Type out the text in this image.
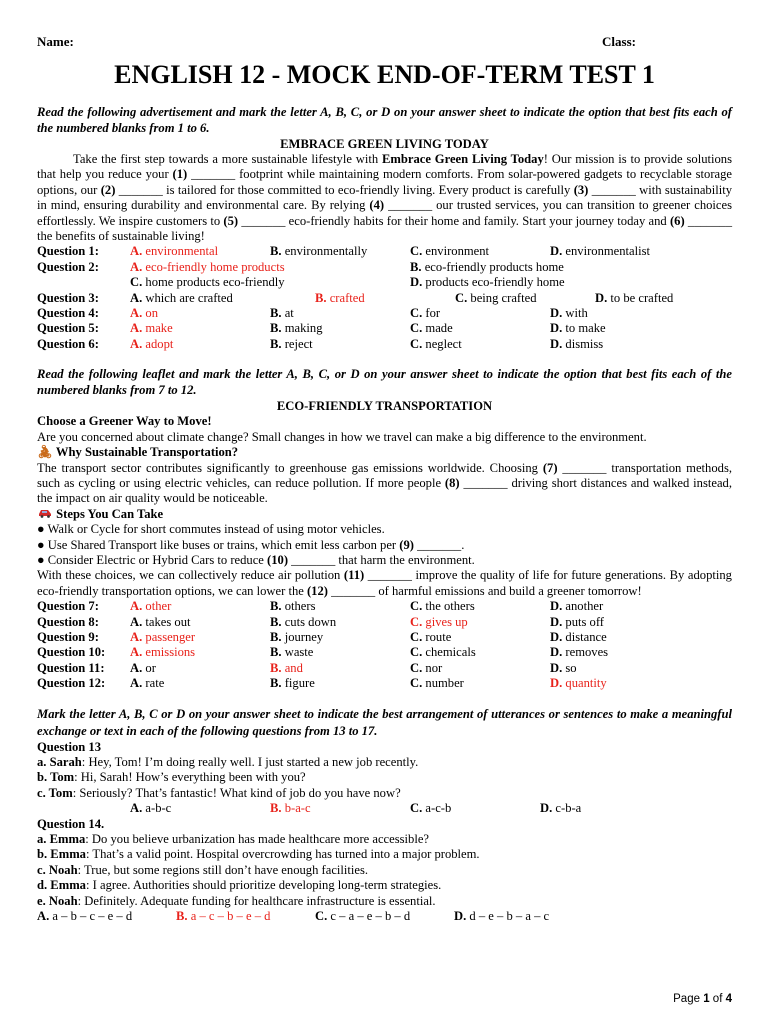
Name:	Class:
ENGLISH 12 - MOCK END-OF-TERM TEST 1
Read the following advertisement and mark the letter A, B, C, or D on your answer sheet to indicate the option that best fits each of the numbered blanks from 1 to 6.
EMBRACE GREEN LIVING TODAY
Take the first step towards a more sustainable lifestyle with Embrace Green Living Today! Our mission is to provide solutions that help you reduce your (1) _______ footprint while maintaining modern comforts. From solar-powered gadgets to recyclable storage options, our (2) _______ is tailored for those committed to eco-friendly living. Every product is carefully (3) _______ with sustainability in mind, ensuring durability and environmental care. By relying (4) _______ our trusted services, you can transition to greener choices effortlessly. We inspire customers to (5) _______ eco-friendly habits for their home and family. Start your journey today and (6) _______ the benefits of sustainable living!
Question 1:	A. environmental	B. environmentally	C. environment	D. environmentalist
Question 2:	A. eco-friendly home products	B. eco-friendly products home
C. home products eco-friendly	D. products eco-friendly home
Question 3:	A. which are crafted	B. crafted	C. being crafted	D. to be crafted
Question 4:	A. on	B. at	C. for	D. with
Question 5:	A. make	B. making	C. made	D. to make
Question 6:	A. adopt	B. reject	C. neglect	D. dismiss
Read the following leaflet and mark the letter A, B, C, or D on your answer sheet to indicate the option that best fits each of the numbered blanks from 7 to 12.
ECO-FRIENDLY TRANSPORTATION
Choose a Greener Way to Move!
Are you concerned about climate change? Small changes in how we travel can make a big difference to the environment.
🚴︎ Why Sustainable Transportation?
The transport sector contributes significantly to greenhouse gas emissions worldwide. Choosing (7) _______ transportation methods, such as cycling or using electric vehicles, can reduce pollution. If more people (8) _______ driving short distances and walked instead, the impact on air quality would be noticeable.
Steps You Can Take
● Walk or Cycle for short commutes instead of using motor vehicles.
● Use Shared Transport like buses or trains, which emit less carbon per (9) _______.
● Consider Electric or Hybrid Cars to reduce (10) _______ that harm the environment.
With these choices, we can collectively reduce air pollution (11) _______ improve the quality of life for future generations. By adopting eco-friendly transportation options, we can lower the (12) _______ of harmful emissions and build a greener tomorrow!
Question 7:	A. other	B. others	C. the others	D. another
Question 8:	A. takes out	B. cuts down	C. gives up	D. puts off
Question 9:	A. passenger	B. journey	C. route	D. distance
Question 10:	A. emissions	B. waste	C. chemicals	D. removes
Question 11:	A. or	B. and	C. nor	D. so
Question 12:	A. rate	B. figure	C. number	D. quantity
Mark the letter A, B, C or D on your answer sheet to indicate the best arrangement of utterances or sentences to make a meaningful exchange or text in each of the following questions from 13 to 17.
Question 13
a. Sarah: Hey, Tom! I’m doing really well. I just started a new job recently.
b. Tom: Hi, Sarah! How’s everything been with you?
c. Tom: Seriously? That’s fantastic! What kind of job do you have now?
A. a-b-c	B. b-a-c	C. a-c-b	D. c-b-a
Question 14.
a. Emma: Do you believe urbanization has made healthcare more accessible?
b. Emma: That’s a valid point. Hospital overcrowding has turned into a major problem.
c. Noah: True, but some regions still don’t have enough facilities.
d. Emma: I agree. Authorities should prioritize developing long-term strategies.
e. Noah: Definitely. Adequate funding for healthcare infrastructure is essential.
A. a – b – c – e – d	B. a – c – b – e – d	C. c – a – e – b – d	D. d – e – b – a – c
Page 1 of 4
